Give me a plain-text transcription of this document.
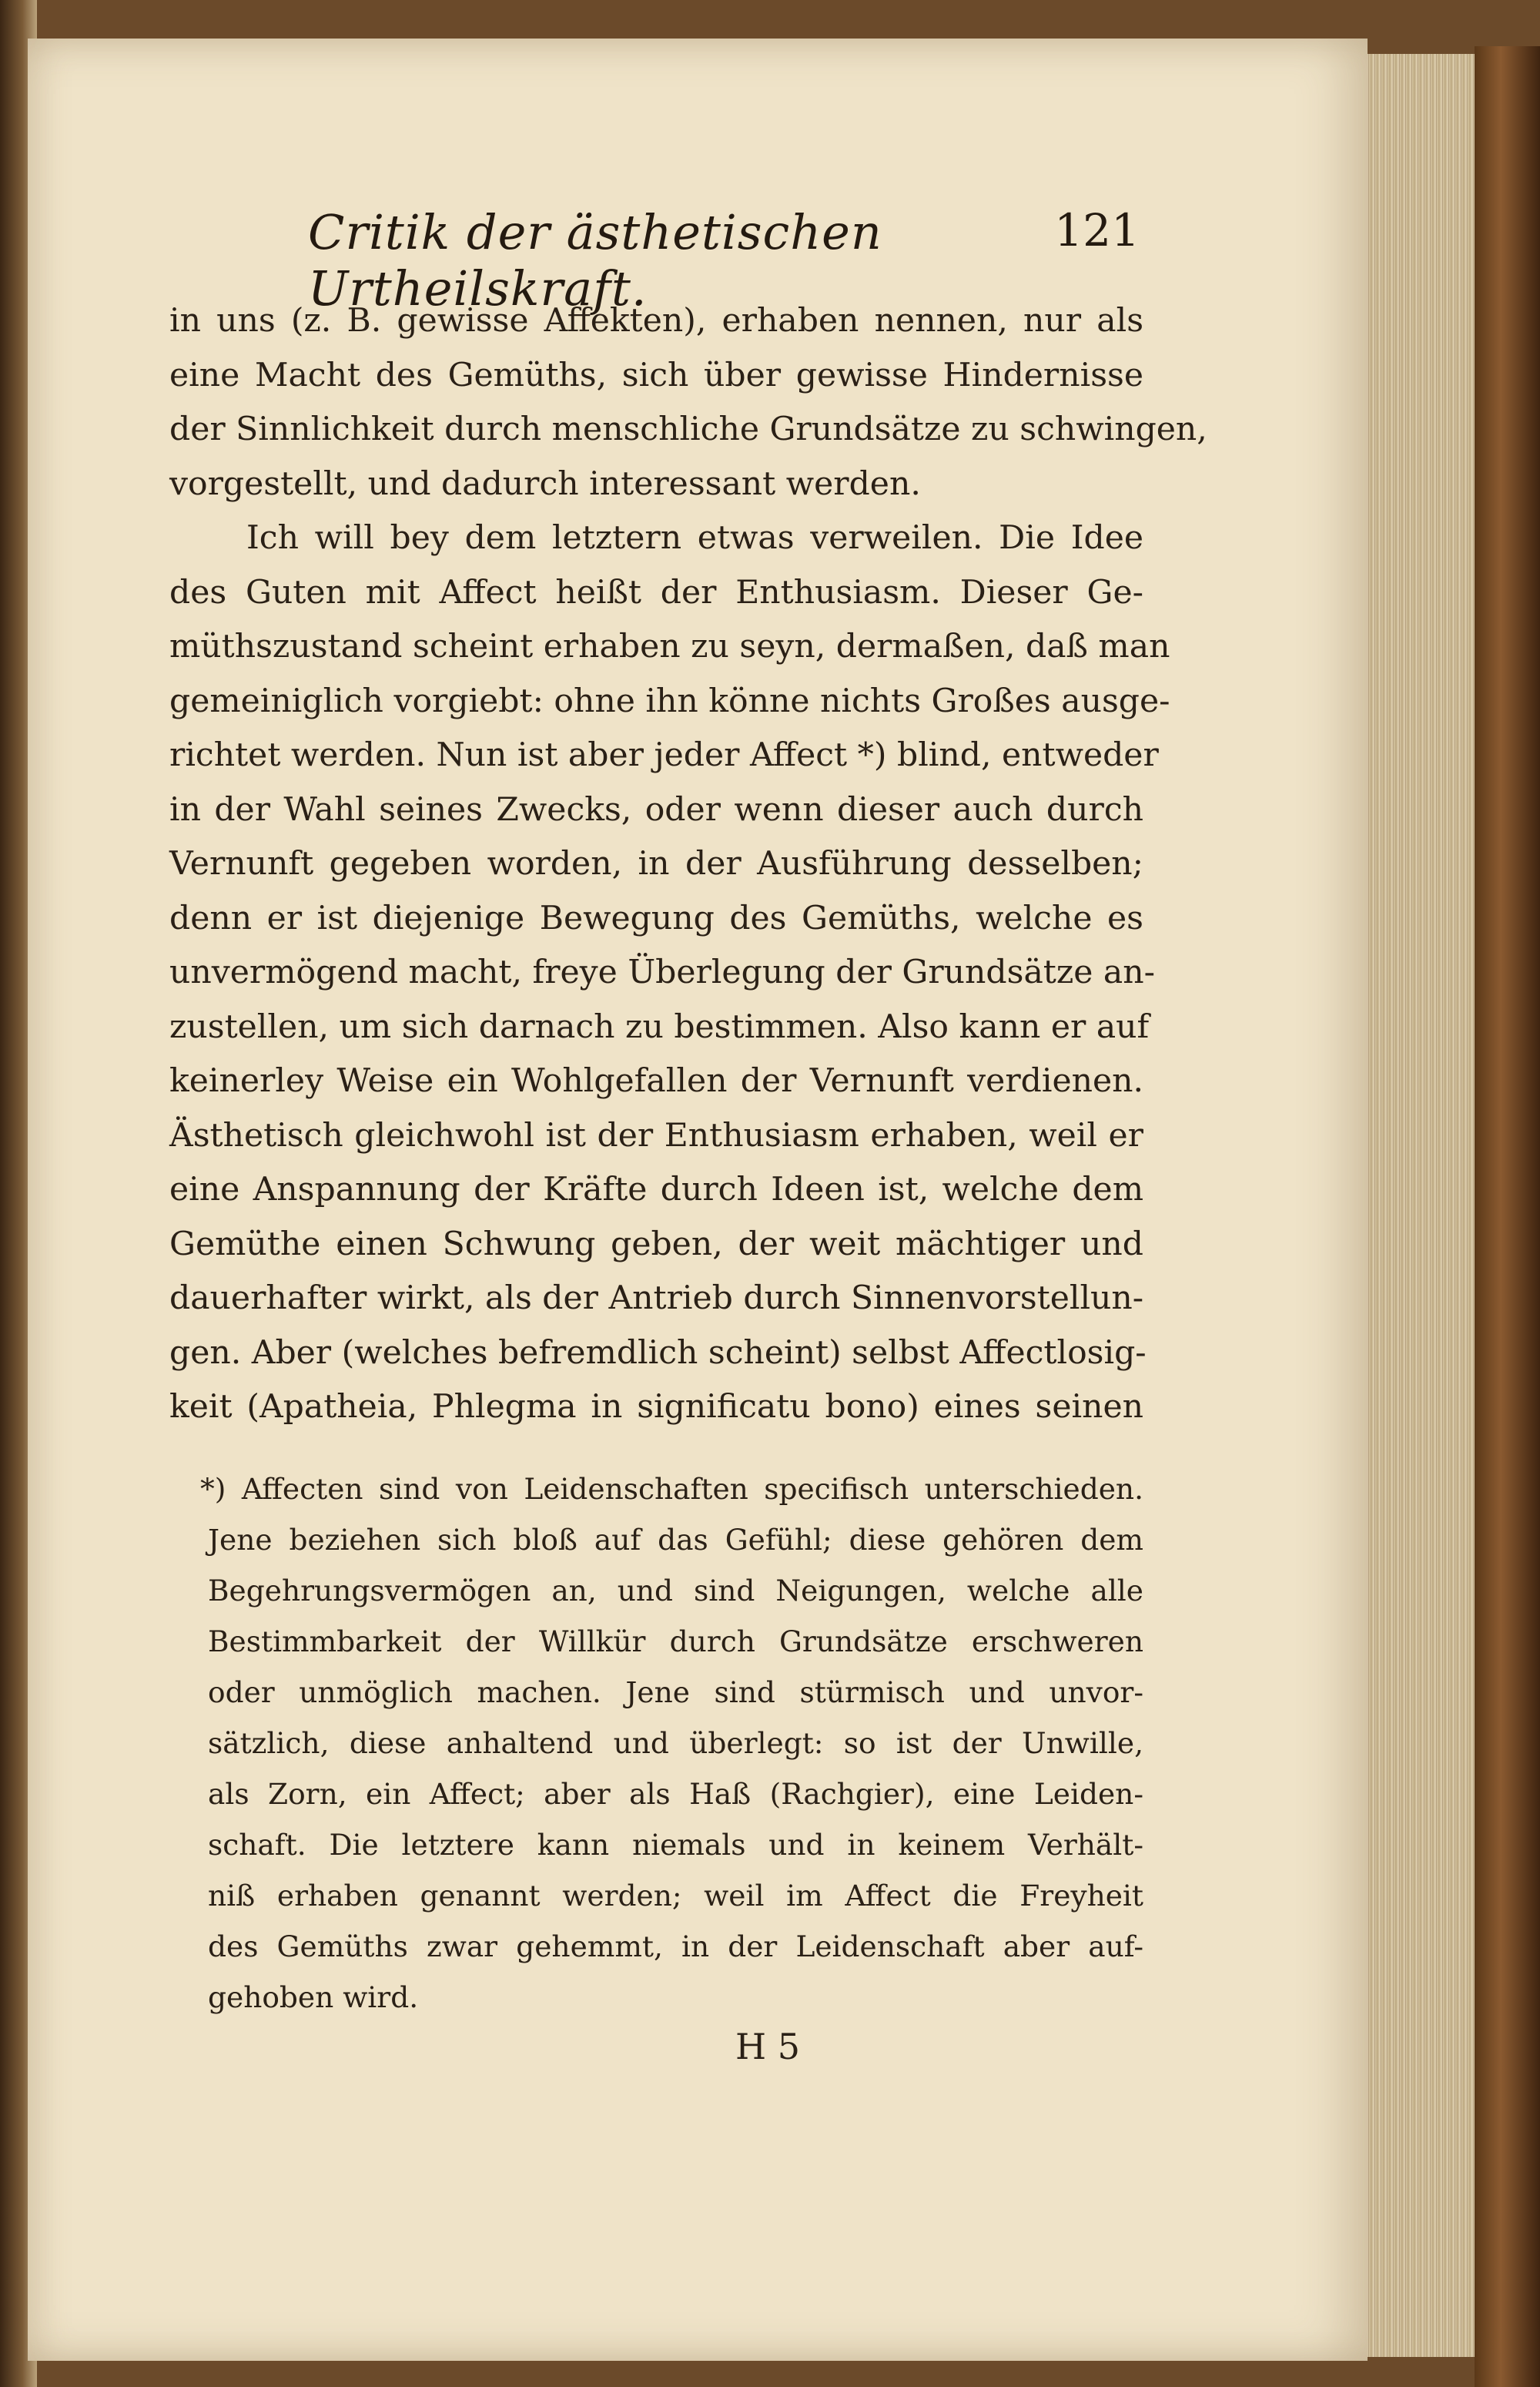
Critik der ästhetischen Urtheilskraft.
121
in uns (z. B. gewisse Affekten), erhaben nennen, nur als
eine Macht des Gemüths, sich über gewisse Hindernisse
der Sinnlichkeit durch menschliche Grundsätze zu schwingen,
vorgestellt, und dadurch interessant werden.
Ich will bey dem letztern etwas verweilen. Die Idee
des Guten mit Affect heißt der Enthusiasm. Dieser Ge-
müthszustand scheint erhaben zu seyn, dermaßen, daß man
gemeiniglich vorgiebt: ohne ihn könne nichts Großes ausge-
richtet werden. Nun ist aber jeder Affect *) blind, entweder
in der Wahl seines Zwecks, oder wenn dieser auch durch
Vernunft gegeben worden, in der Ausführung desselben;
denn er ist diejenige Bewegung des Gemüths, welche es
unvermögend macht, freye Überlegung der Grundsätze an-
zustellen, um sich darnach zu bestimmen. Also kann er auf
keinerley Weise ein Wohlgefallen der Vernunft verdienen.
Ästhetisch gleichwohl ist der Enthusiasm erhaben, weil er
eine Anspannung der Kräfte durch Ideen ist, welche dem
Gemüthe einen Schwung geben, der weit mächtiger und
dauerhafter wirkt, als der Antrieb durch Sinnenvorstellun-
gen. Aber (welches befremdlich scheint) selbst Affectlosig-
keit (Apatheia, Phlegma in significatu bono) eines seinen
*) Affecten sind von Leidenschaften specifisch unterschieden.
Jene beziehen sich bloß auf das Gefühl; diese gehören dem
Begehrungsvermögen an, und sind Neigungen, welche alle
Bestimmbarkeit der Willkür durch Grundsätze erschweren
oder unmöglich machen. Jene sind stürmisch und unvor-
sätzlich, diese anhaltend und überlegt: so ist der Unwille,
als Zorn, ein Affect; aber als Haß (Rachgier), eine Leiden-
schaft. Die letztere kann niemals und in keinem Verhält-
niß erhaben genannt werden; weil im Affect die Freyheit
des Gemüths zwar gehemmt, in der Leidenschaft aber auf-
gehoben wird.
H 5
